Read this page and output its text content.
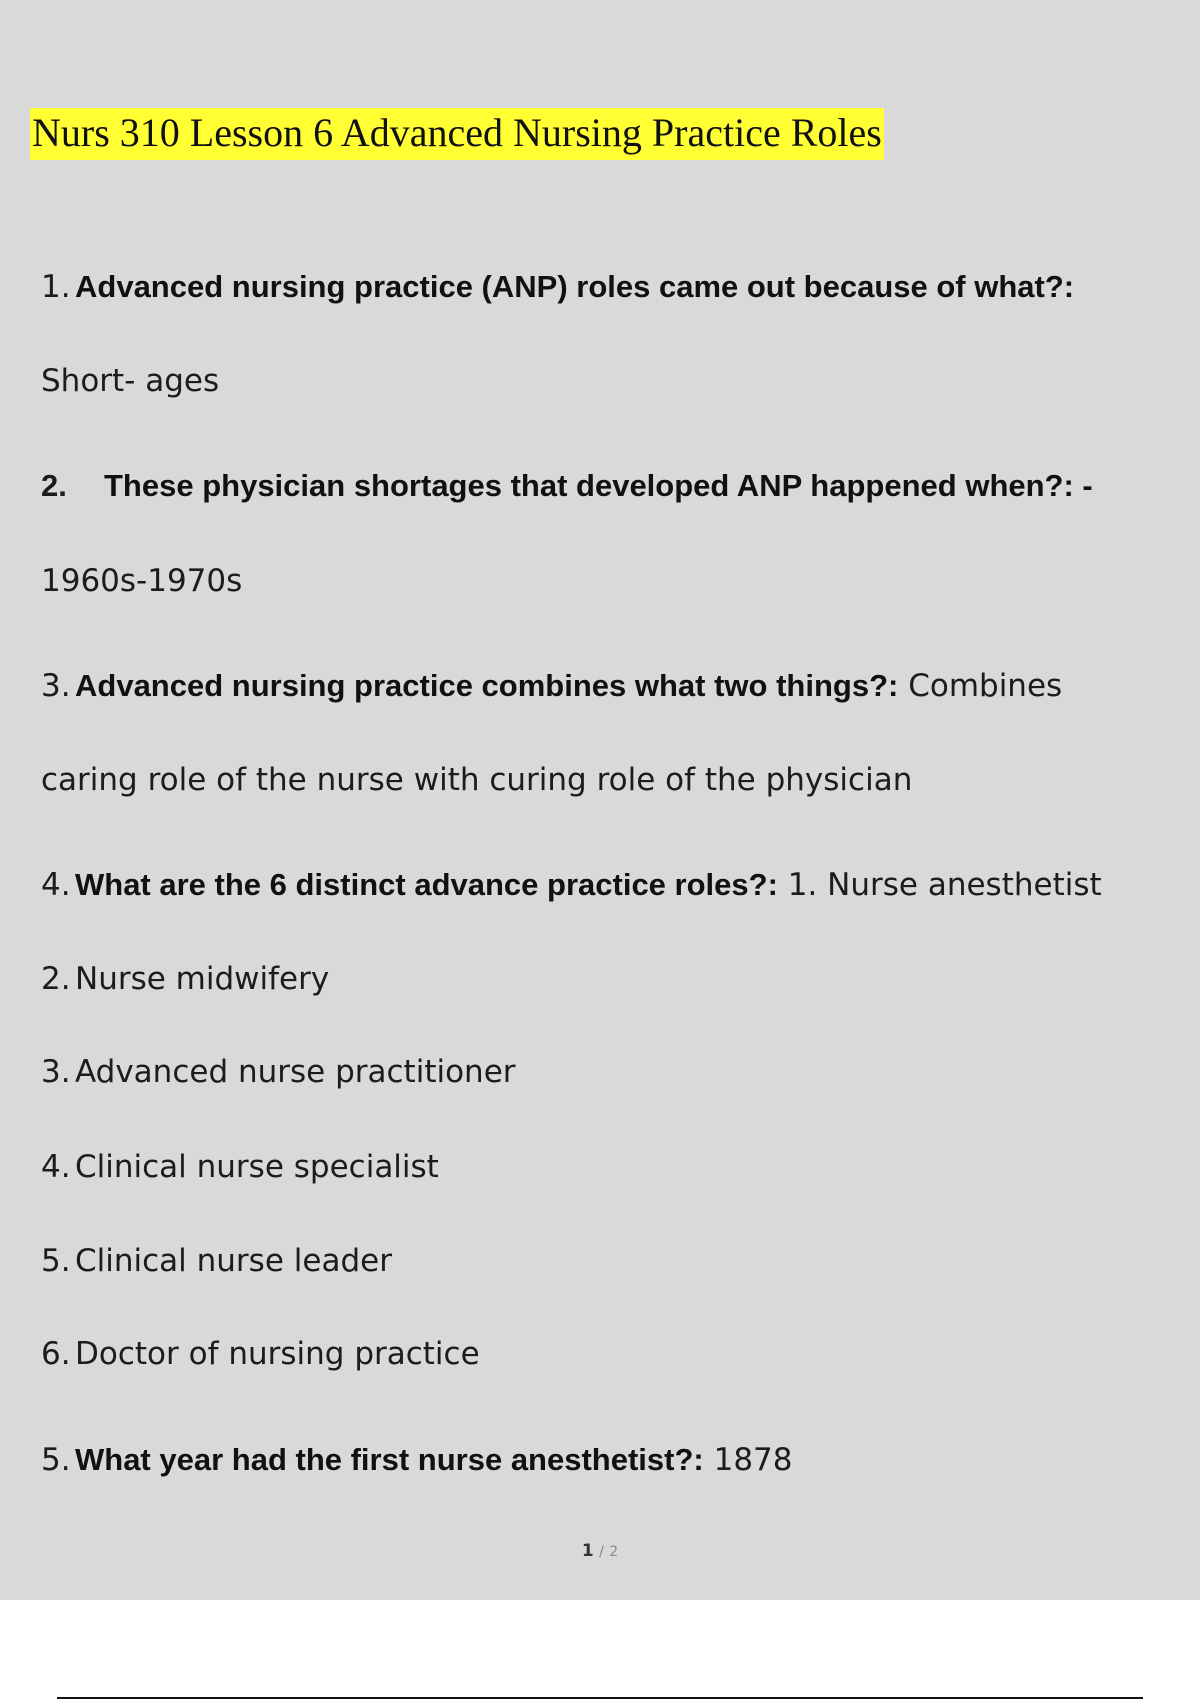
Nurs 310 Lesson 6 Advanced Nursing Practice Roles
1. Advanced nursing practice (ANP) roles came out because of what?:
Short- ages
2. These physician shortages that developed ANP happened when?: -
1960s-1970s
3. Advanced nursing practice combines what two things?: Combines
caring role of the nurse with curing role of the physician
4. What are the 6 distinct advance practice roles?: 1. Nurse anesthetist
2. Nurse midwifery
3. Advanced nurse practitioner
4. Clinical nurse specialist
5. Clinical nurse leader
6. Doctor of nursing practice
5. What year had the first nurse anesthetist?: 1878
1 / 2
